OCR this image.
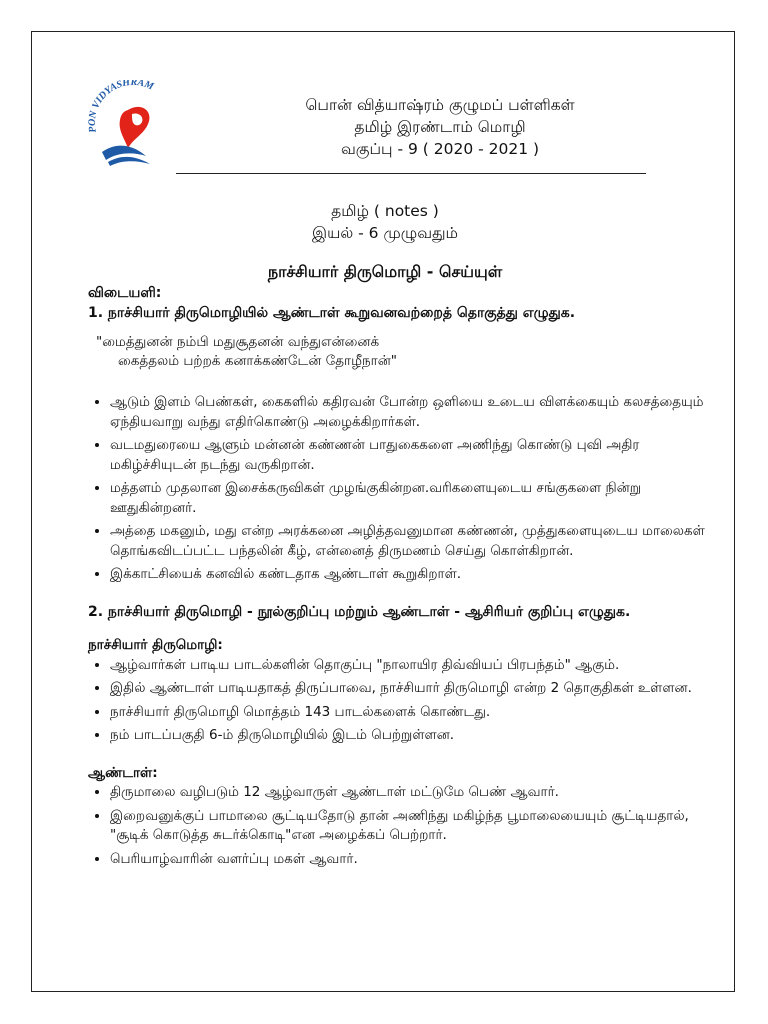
P N VIDYASHRAM
பொன் வித்யாஷ்ரம் குழுமப் பள்ளிகள்
தமிழ் இரண்டாம் மொழி
வகுப்பு - 9 ( 2020 - 2021 )
தமிழ் ( notes )
இயல் - 6 முழுவதும்
நாச்சியார் திருமொழி - செய்யுள்
விடையளி:
1. நாச்சியார் திருமொழியில் ஆண்டாள் கூறுவனவற்றைத் தொகுத்து எழுதுக.
"மைத்துனன் நம்பி மதுசூதனன் வந்துஎன்னைக்
கைத்தலம் பற்றக் கனாக்கண்டேன் தோழீநான்"
• ஆடும் இளம் பெண்கள், கைகளில் கதிரவன் போன்ற ஒளியை உடைய விளக்கையும் கலசத்தையும் ஏந்தியவாறு வந்து எதிர்கொண்டு அழைக்கிறார்கள்.
• வடமதுரையை ஆளும் மன்னன் கண்ணன் பாதுகைகளை அணிந்து கொண்டு புவி அதிர மகிழ்ச்சியுடன் நடந்து வருகிறான்.
• மத்தளம் முதலான இசைக்கருவிகள் முழங்குகின்றன.வரிகளையுடைய சங்குகளை நின்று ஊதுகின்றனர்.
• அத்தை மகனும், மது என்ற அரக்கனை அழித்தவனுமான கண்ணன், முத்துகளையுடைய மாலைகள் தொங்கவிடப்பட்ட பந்தலின் கீழ், என்னைத் திருமணம் செய்து கொள்கிறான்.
• இக்காட்சியைக் கனவில் கண்டதாக ஆண்டாள் கூறுகிறாள்.
2. நாச்சியார் திருமொழி - நூல்குறிப்பு மற்றும் ஆண்டாள் - ஆசிரியர் குறிப்பு எழுதுக.
நாச்சியார் திருமொழி:
• ஆழ்வார்கள் பாடிய பாடல்களின் தொகுப்பு "நாலாயிர திவ்வியப் பிரபந்தம்" ஆகும்.
• இதில் ஆண்டாள் பாடியதாகத் திருப்பாவை, நாச்சியார் திருமொழி என்ற 2 தொகுதிகள் உள்ளன.
• நாச்சியார் திருமொழி மொத்தம் 143 பாடல்களைக் கொண்டது.
• நம் பாடப்பகுதி 6-ம் திருமொழியில் இடம் பெற்றுள்ளன.
ஆண்டாள்:
• திருமாலை வழிபடும் 12 ஆழ்வாருள் ஆண்டாள் மட்டுமே பெண் ஆவார்.
• இறைவனுக்குப் பாமாலை சூட்டியதோடு தான் அணிந்து மகிழ்ந்த பூமாலையையும் சூட்டியதால், "சூடிக் கொடுத்த சுடர்க்கொடி"என அழைக்கப் பெற்றார்.
• பெரியாழ்வாரின் வளர்ப்பு மகள் ஆவார்.
